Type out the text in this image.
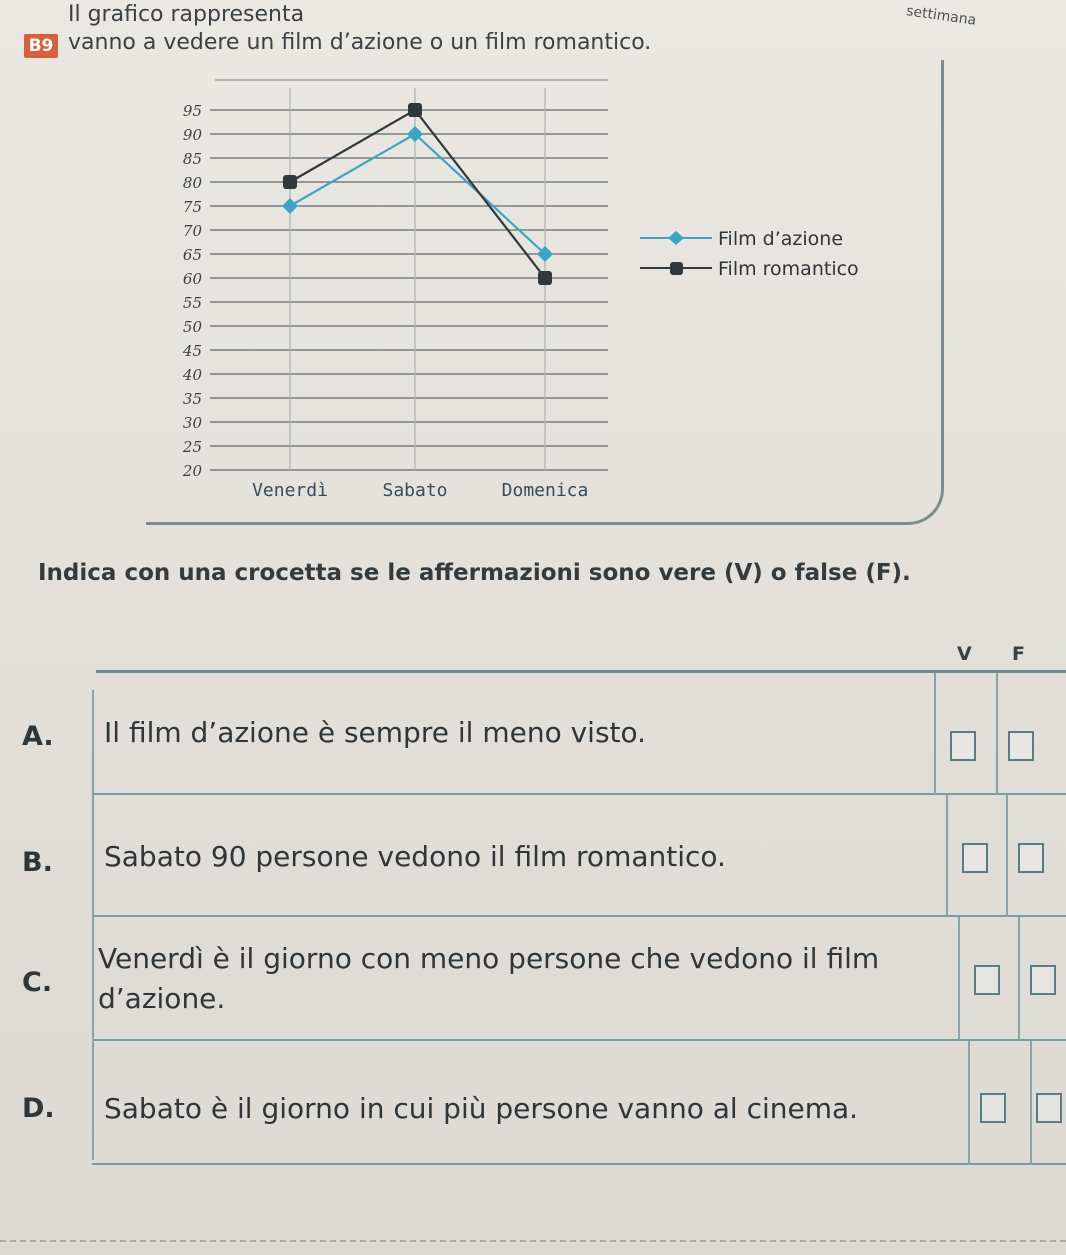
B9
Il grafico rappresenta
vanno a vedere un film d’azione o un film romantico.
settimana
20
25
30
35
40
45
50
55
60
65
70
75
80
85
90
95
Venerdì	Sabato	Domenica
Film d’azione
Film romantico
Indica con una crocetta se le affermazioni sono vere (V) o false (F).
V F
A. Il film d’azione è sempre il meno visto.
B. Sabato 90 persone vedono il film romantico.
C.
Venerdì è il giorno con meno persone che vedono il film d’azione.
D. Sabato è il giorno in cui più persone vanno al cinema.
